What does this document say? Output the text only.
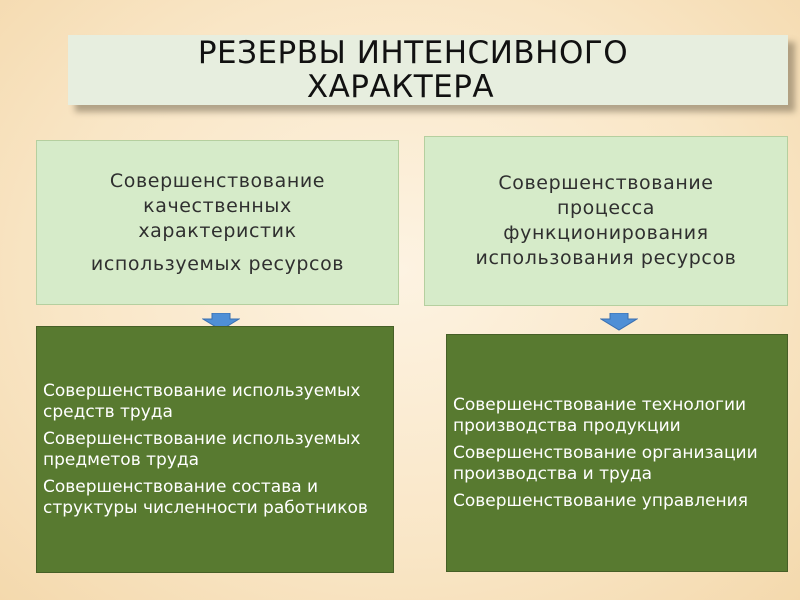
РЕЗЕРВЫ ИНТЕНСИВНОГО
ХАРАКТЕРА
Совершенствование
качественных
характеристик
используемых ресурсов
Совершенствование
процесса
функционирования
использования ресурсов
Совершенствование используемых средств труда
Совершенствование используемых предметов труда
Совершенствование состава и структуры численности работников
Совершенствование технологии производства продукции
Совершенствование организации производства и труда
Совершенствование управления
